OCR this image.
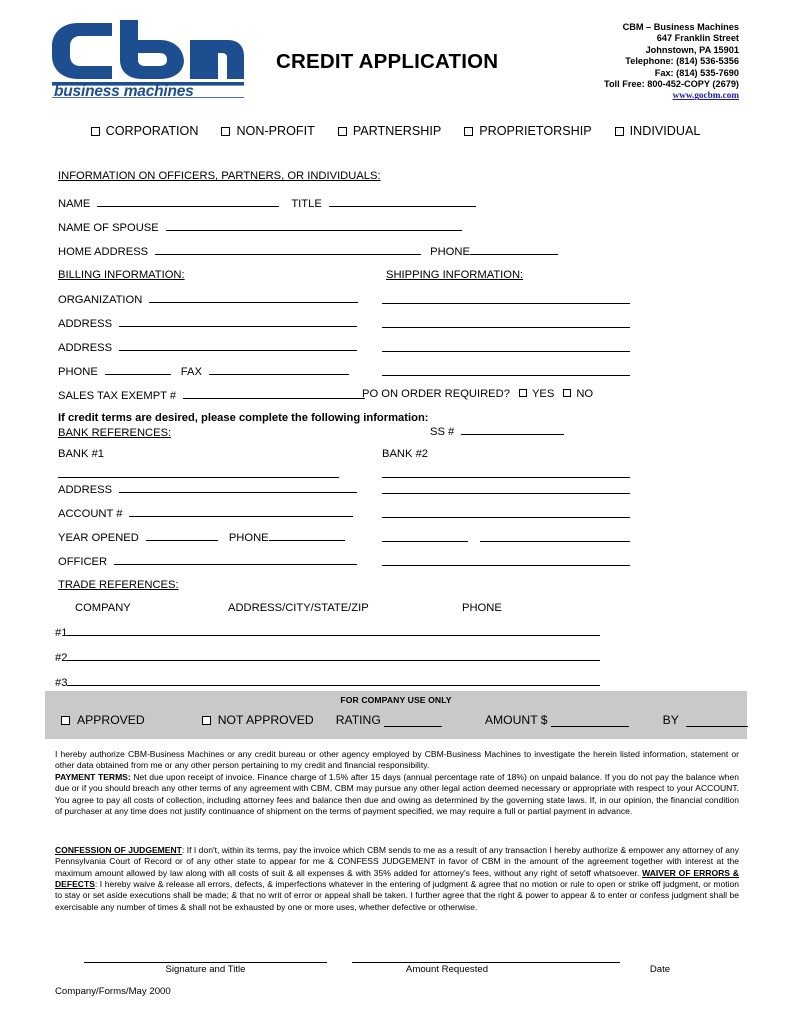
business machines
CREDIT APPLICATION
CBM – Business Machines
647 Franklin Street
Johnstown, PA 15901
Telephone: (814) 536-5356
Fax: (814) 535-7690
Toll Free: 800-452-COPY (2679)
www.gocbm.com
CORPORATION	NON-PROFIT	PARTNERSHIP	PROPRIETORSHIP	INDIVIDUAL
INFORMATION ON OFFICERS, PARTNERS, OR INDIVIDUALS:
NAME	TITLE
NAME OF SPOUSE
HOME ADDRESS	PHONE
BILLING INFORMATION:	SHIPPING INFORMATION:
ORGANIZATION
ADDRESS
ADDRESS
PHONE	FAX
SALES TAX EXEMPT #	PO ON ORDER REQUIRED? YES NO
If credit terms are desired, please complete the following information:
BANK REFERENCES:	SS #
BANK #1	BANK #2
ADDRESS
ACCOUNT #
YEAR OPENED	PHONE
OFFICER
TRADE REFERENCES:
COMPANY	ADDRESS/CITY/STATE/ZIP	PHONE
#1
#2
#3
FOR COMPANY USE ONLY
APPROVED	NOT APPROVED RATING	AMOUNT $	BY
I hereby authorize CBM-Business Machines or any credit bureau or other agency employed by CBM-Business Machines to investigate the herein listed information, statement or other data obtained from me or any other person pertaining to my credit and financial responsibility.
PAYMENT TERMS: Net due upon receipt of invoice. Finance charge of 1.5% after 15 days (annual percentage rate of 18%) on unpaid balance. If you do not pay the balance when due or if you should breach any other terms of any agreement with CBM, CBM may pursue any other legal action deemed necessary or appropriate with respect to your ACCOUNT. You agree to pay all costs of collection, including attorney fees and balance then due and owing as determined by the governing state laws. If, in our opinion, the financial condition of purchaser at any time does not justify continuance of shipment on the terms of payment specified, we may require a full or partial payment in advance.
CONFESSION OF JUDGEMENT: If I don't, within its terms, pay the invoice which CBM sends to me as a result of any transaction I hereby authorize & empower any attorney of any Pennsylvania Court of Record or of any other state to appear for me & CONFESS JUDGEMENT in favor of CBM in the amount of the agreement together with interest at the maximum amount allowed by law along with all costs of suit & all expenses & with 35% added for attorney's fees, without any right of setoff whatsoever. WAIVER OF ERRORS & DEFECTS: I hereby waive & release all errors, defects, & imperfections whatever in the entering of judgment & agree that no motion or rule to open or strike off judgment, or motion to stay or set aside executions shall be made; & that no writ of error or appeal shall be taken. I further agree that the right & power to appear & to enter or confess judgment shall be exercisable any number of times & shall not be exhausted by one or more uses, whether defective or otherwise.
Signature and Title	Amount Requested	Date
Company/Forms/May 2000
